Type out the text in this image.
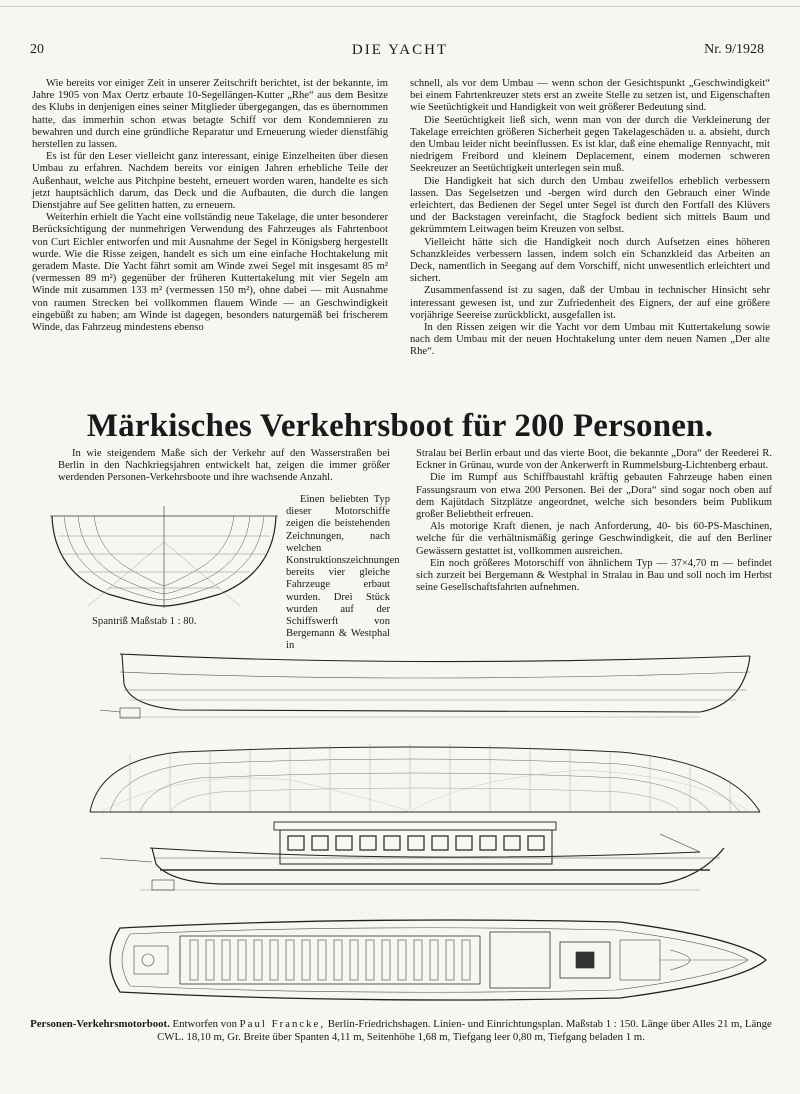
20	DIE YACHT	Nr. 9/1928

Wie bereits vor einiger Zeit in unserer Zeitschrift berichtet, ist der bekannte, im Jahre 1905 von Max Oertz erbaute 10-Segellängen-Kutter „Rhe“ aus dem Besitze des Klubs in denjenigen eines seiner Mitglieder übergegangen, das es übernommen hatte, das immerhin schon etwas betagte Schiff vor dem Kondemnieren zu bewahren und durch eine gründliche Reparatur und Erneuerung wieder dienstfähig herstellen zu lassen.

Es ist für den Leser vielleicht ganz interessant, einige Einzelheiten über diesen Umbau zu erfahren. Nachdem bereits vor einigen Jahren erhebliche Teile der Außenhaut, welche aus Pitchpine besteht, erneuert worden waren, handelte es sich jetzt hauptsächlich darum, das Deck und die Aufbauten, die durch die langen Dienstjahre auf See gelitten hatten, zu erneuern.

Weiterhin erhielt die Yacht eine vollständig neue Takelage, die unter besonderer Berücksichtigung der nunmehrigen Verwendung des Fahrzeuges als Fahrtenboot von Curt Eichler entworfen und mit Ausnahme der Segel in Königsberg hergestellt wurde. Wie die Risse zeigen, handelt es sich um eine einfache Hochtakelung mit geradem Maste. Die Yacht fährt somit am Winde zwei Segel mit insgesamt 85 m² (vermessen 89 m²) gegenüber der früheren Kuttertakelung mit vier Segeln am Winde mit zusammen 133 m² (vermessen 150 m²), ohne dabei — mit Ausnahme von raumen Strecken bei vollkommen flauem Winde — an Geschwindigkeit eingebüßt zu haben; am Winde ist dagegen, besonders naturgemäß bei frischerem Winde, das Fahrzeug mindestens ebenso

schnell, als vor dem Umbau — wenn schon der Gesichtspunkt „Geschwindigkeit“ bei einem Fahrtenkreuzer stets erst an zweite Stelle zu setzen ist, und Eigenschaften wie Seetüchtigkeit und Handigkeit von weit größerer Bedeutung sind.

Die Seetüchtigkeit ließ sich, wenn man von der durch die Verkleinerung der Takelage erreichten größeren Sicherheit gegen Takelageschäden u. a. absieht, durch den Umbau leider nicht beeinflussen. Es ist klar, daß eine ehemalige Rennyacht, mit niedrigem Freibord und kleinem Deplacement, einem modernen schweren Seekreuzer an Seetüchtigkeit unterlegen sein muß.

Die Handigkeit hat sich durch den Umbau zweifellos erheblich verbessern lassen. Das Segelsetzen und -bergen wird durch den Gebrauch einer Winde erleichtert, das Bedienen der Segel unter Segel ist durch den Fortfall des Klüvers und der Backstagen vereinfacht, die Stagfock bedient sich mittels Baum und gekrümmtem Leitwagen beim Kreuzen von selbst.

Vielleicht hätte sich die Handigkeit noch durch Aufsetzen eines höheren Schanzkleides verbessern lassen, indem solch ein Schanzkleid das Arbeiten an Deck, namentlich in Seegang auf dem Vorschiff, nicht unwesentlich erleichtert und sichert.

Zusammenfassend ist zu sagen, daß der Umbau in technischer Hinsicht sehr interessant gewesen ist, und zur Zufriedenheit des Eigners, der auf eine größere vorjährige Seereise zurückblickt, ausgefallen ist.

In den Rissen zeigen wir die Yacht vor dem Umbau mit Kuttertakelung sowie nach dem Umbau mit der neuen Hochtakelung unter dem neuen Namen „Der alte Rhe“.

Märkisches Verkehrsboot für 200 Personen.

In wie steigendem Maße sich der Verkehr auf den Wasserstraßen bei Berlin in den Nachkriegsjahren entwickelt hat, zeigen die immer größer werdenden Personen-Verkehrsboote und ihre wachsende Anzahl.

Einen beliebten Typ dieser Motorschiffe zeigen die beistehenden Zeichnungen, nach welchen Konstruktionszeichnungen bereits vier gleiche Fahrzeuge erbaut wurden. Drei Stück wurden auf der Schiffswerft von Bergemann & Westphal in

Stralau bei Berlin erbaut und das vierte Boot, die bekannte „Dora“ der Reederei R. Eckner in Grünau, wurde von der Ankerwerft in Rummelsburg-Lichtenberg erbaut.

Die im Rumpf aus Schiffbaustahl kräftig gebauten Fahrzeuge haben einen Fassungsraum von etwa 200 Personen. Bei der „Dora“ sind sogar noch oben auf dem Kajütdach Sitzplätze angeordnet, welche sich besonders beim Publikum großer Beliebtheit erfreuen.

Als motorige Kraft dienen, je nach Anforderung, 40- bis 60-PS-Maschinen, welche für die verhältnismäßig geringe Geschwindigkeit, die auf den Berliner Gewässern gestattet ist, vollkommen ausreichen.

Ein noch größeres Motorschiff von ähnlichem Typ — 37×4,70 m — befindet sich zurzeit bei Bergemann & Westphal in Stralau in Bau und soll noch im Herbst seine Gesellschaftsfahrten aufnehmen.

Spantriß Maßstab 1 : 80.
Personen-Verkehrsmotorboot. Entworfen von Paul Francke, Berlin-Friedrichshagen. Linien- und Einrichtungsplan. Maßstab 1 : 150. Länge über Alles 21 m, Länge CWL. 18,10 m, Gr. Breite über Spanten 4,11 m, Seitenhöhe 1,68 m, Tiefgang leer 0,80 m, Tiefgang beladen 1 m.
